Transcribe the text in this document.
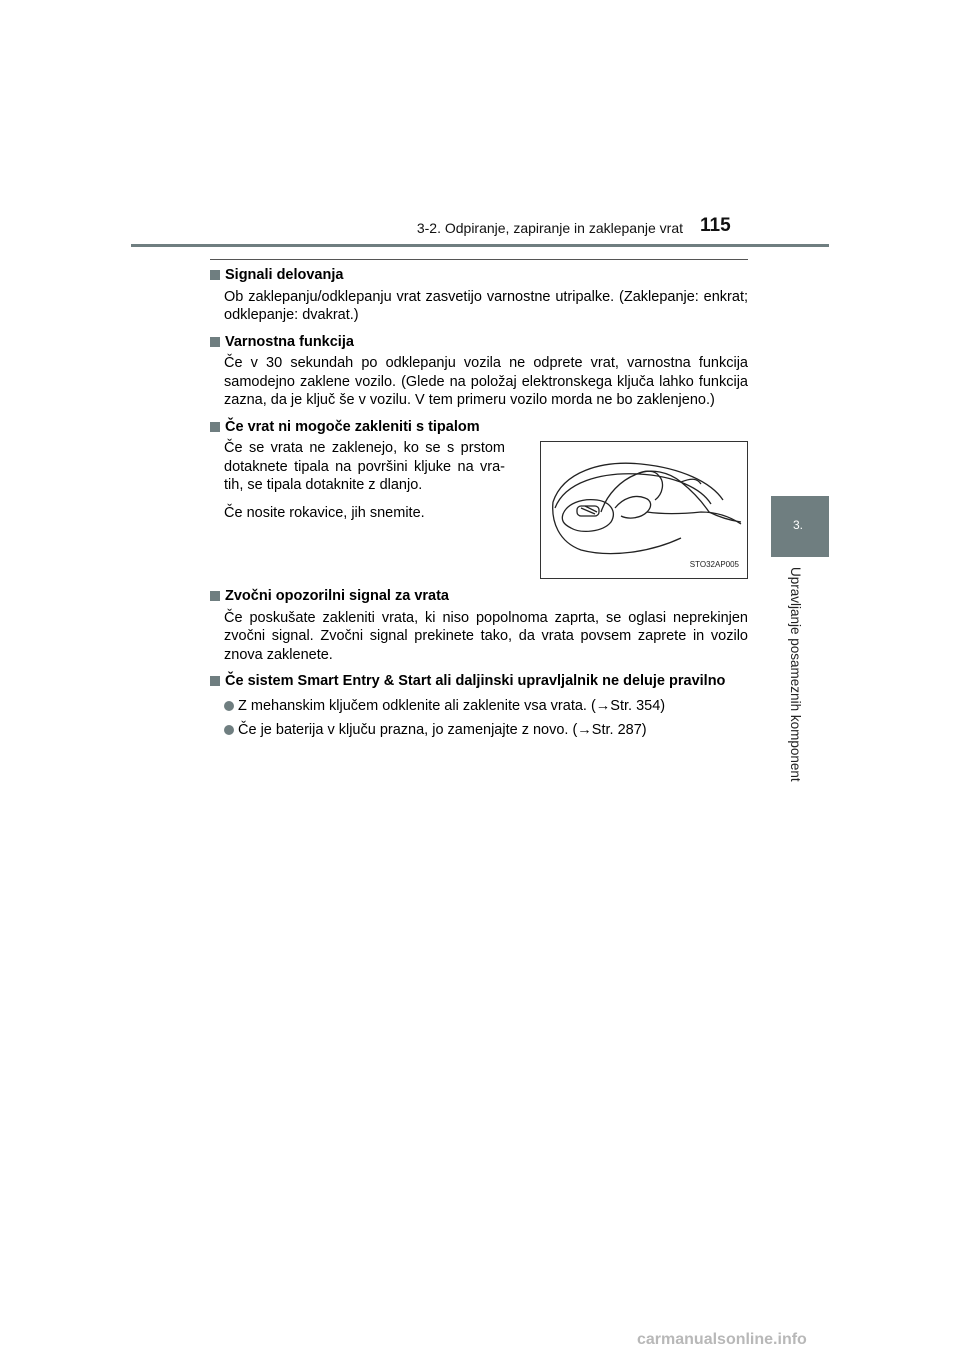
3-2. Odpiranje, zapiranje in zaklepanje vrat 115
3.
Upravljanje posameznih komponent
Signali delovanja
Ob zaklepanju/odklepanju vrat zasvetijo varnostne utripalke. (Zaklepanje: enkrat; odklepanje: dvakrat.)
Varnostna funkcija
Če v 30 sekundah po odklepanju vozila ne odprete vrat, varnostna funkcija samodejno zaklene vozilo. (Glede na položaj elektronskega ključa lahko funkcija zazna, da je ključ še v vozilu. V tem primeru vozilo morda ne bo zaklenjeno.)
Če vrat ni mogoče zakleniti s tipalom

Če se vrata ne zaklenejo, ko se s prstom dotaknete tipala na površini kljuke na vra-tih, se tipala dotaknite z dlanjo.

Če nosite rokavice, jih snemite.

STO32AP005
Zvočni opozorilni signal za vrata
Če poskušate zakleniti vrata, ki niso popolnoma zaprta, se oglasi neprekinjen zvočni signal. Zvočni signal prekinete tako, da vrata povsem zaprete in vozilo znova zaklenete.
Če sistem Smart Entry & Start ali daljinski upravljalnik ne deluje pravilno
Z mehanskim ključem odklenite ali zaklenite vsa vrata. (→Str. 354)
Če je baterija v ključu prazna, jo zamenjajte z novo. (→Str. 287)
carmanualsonline.info
